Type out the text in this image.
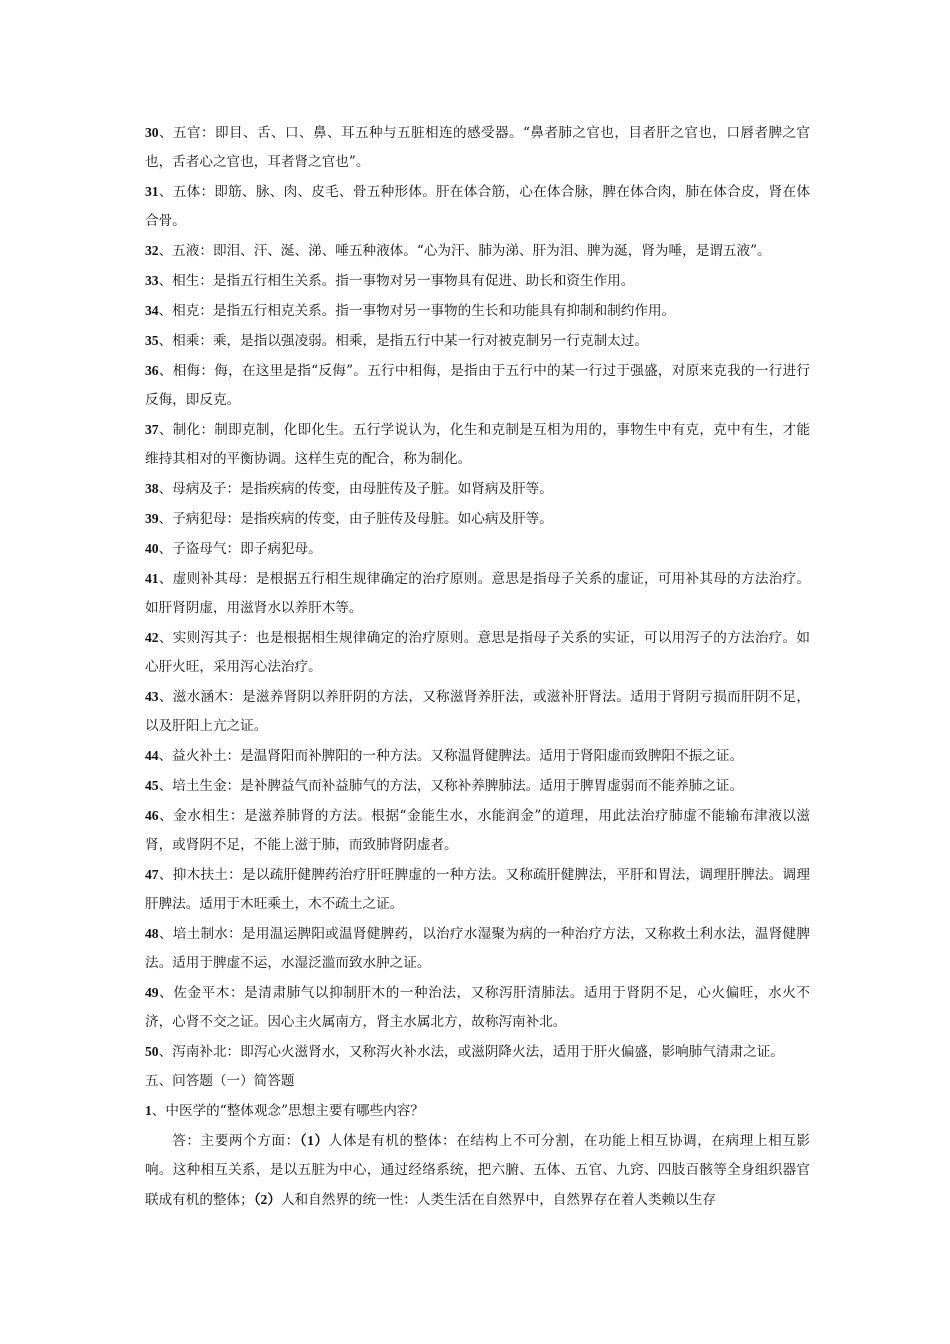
30、五官：即目、舌、口、鼻、耳五种与五脏相连的感受器。“鼻者肺之官也，目者肝之官也，口唇者脾之官也，舌者心之官也，耳者肾之官也”。

31、五体：即筋、脉、肉、皮毛、骨五种形体。肝在体合筋，心在体合脉，脾在体合肉，肺在体合皮，肾在体合骨。

32、五液：即泪、汗、涎、涕、唾五种液体。“心为汗、肺为涕、肝为泪、脾为涎，肾为唾，是谓五液”。

33、相生：是指五行相生关系。指一事物对另一事物具有促进、助长和资生作用。

34、相克：是指五行相克关系。指一事物对另一事物的生长和功能具有抑制和制约作用。

35、相乘：乘，是指以强凌弱。相乘，是指五行中某一行对被克制另一行克制太过。

36、相侮：侮，在这里是指“反侮”。五行中相侮，是指由于五行中的某一行过于强盛，对原来克我的一行进行反侮，即反克。

37、制化：制即克制，化即化生。五行学说认为，化生和克制是互相为用的，事物生中有克，克中有生，才能维持其相对的平衡协调。这样生克的配合，称为制化。

38、母病及子：是指疾病的传变，由母脏传及子脏。如肾病及肝等。

39、子病犯母：是指疾病的传变，由子脏传及母脏。如心病及肝等。

40、子盗母气：即子病犯母。

41、虚则补其母：是根据五行相生规律确定的治疗原则。意思是指母子关系的虚证，可用补其母的方法治疗。如肝肾阴虚，用滋肾水以养肝木等。

42、实则泻其子：也是根据相生规律确定的治疗原则。意思是指母子关系的实证，可以用泻子的方法治疗。如心肝火旺，采用泻心法治疗。

43、滋水涵木：是滋养肾阴以养肝阴的方法，又称滋肾养肝法，或滋补肝肾法。适用于肾阴亏损而肝阴不足，以及肝阳上亢之证。

44、益火补土：是温肾阳而补脾阳的一种方法。又称温肾健脾法。适用于肾阳虚而致脾阳不振之证。

45、培土生金：是补脾益气而补益肺气的方法，又称补养脾肺法。适用于脾胃虚弱而不能养肺之证。

46、金水相生：是滋养肺肾的方法。根据“金能生水，水能润金”的道理，用此法治疗肺虚不能输布津液以滋肾，或肾阴不足，不能上滋于肺，而致肺肾阴虚者。

47、抑木扶土：是以疏肝健脾药治疗肝旺脾虚的一种方法。又称疏肝健脾法，平肝和胃法，调理肝脾法。调理肝脾法。适用于木旺乘土，木不疏土之证。

48、培土制水：是用温运脾阳或温肾健脾药，以治疗水湿聚为病的一种治疗方法，又称救土利水法，温肾健脾法。适用于脾虚不运，水湿泛滥而致水肿之证。

49、佐金平木：是清肃肺气以抑制肝木的一种治法，又称泻肝清肺法。适用于肾阴不足，心火偏旺，水火不济，心肾不交之证。因心主火属南方，肾主水属北方，故称泻南补北。

50、泻南补北：即泻心火滋肾水，又称泻火补水法，或滋阴降火法，适用于肝火偏盛，影响肺气清肃之证。

五、问答题（一）简答题

1、中医学的“整体观念”思想主要有哪些内容？

答：主要两个方面：（1）人体是有机的整体：在结构上不可分割，在功能上相互协调，在病理上相互影响。这种相互关系，是以五脏为中心，通过经络系统，把六腑、五体、五官、九窍、四肢百骸等全身组织器官联成有机的整体；（2）人和自然界的统一性：人类生活在自然界中，自然界存在着人类赖以生存
